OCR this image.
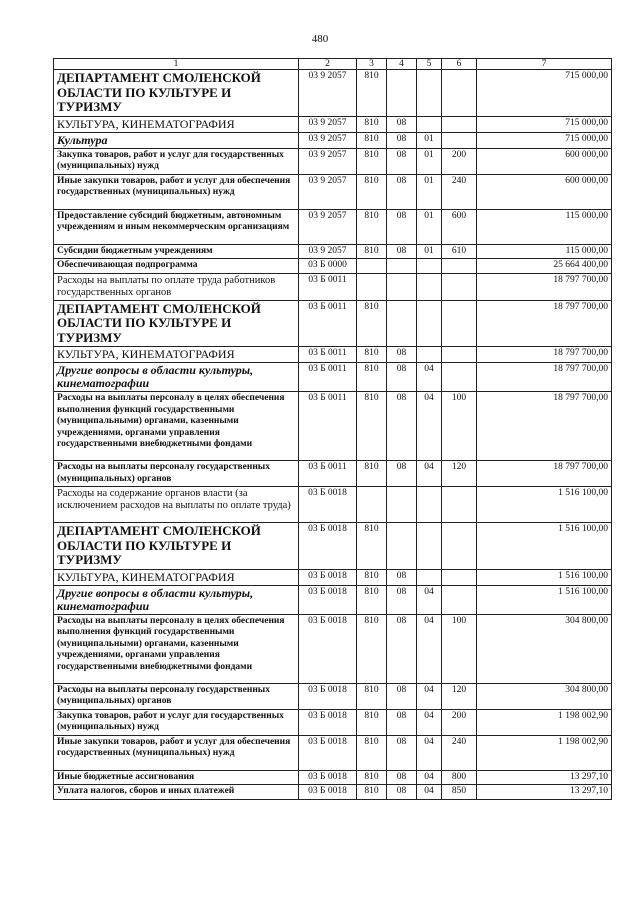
480
1	2	3	4	5	6	7
ДЕПАРТАМЕНТ СМОЛЕНСКОЙ ОБЛАСТИ ПО КУЛЬТУРЕ И ТУРИЗМУ	03 9 2057	810				715 000,00
КУЛЬТУРА, КИНЕМАТОГРАФИЯ	03 9 2057	810	08			715 000,00
Культура	03 9 2057	810	08	01		715 000,00
Закупка товаров, работ и услуг для государственных (муниципальных) нужд	03 9 2057	810	08	01	200	600 000,00
Иные закупки товаров, работ и услуг для обеспечения государственных (муниципальных) нужд	03 9 2057	810	08	01	240	600 000,00
Предоставление субсидий бюджетным, автономным учреждениям и иным некоммерческим организациям	03 9 2057	810	08	01	600	115 000,00
Субсидии бюджетным учреждениям	03 9 2057	810	08	01	610	115 000,00
Обеспечивающая подпрограмма	03 Б 0000					25 664 400,00
Расходы на выплаты по оплате труда работников государственных органов	03 Б 0011					18 797 700,00
ДЕПАРТАМЕНТ СМОЛЕНСКОЙ ОБЛАСТИ ПО КУЛЬТУРЕ И ТУРИЗМУ	03 Б 0011	810				18 797 700,00
КУЛЬТУРА, КИНЕМАТОГРАФИЯ	03 Б 0011	810	08			18 797 700,00
Другие вопросы в области культуры, кинематографии	03 Б 0011	810	08	04		18 797 700,00
Расходы на выплаты персоналу в целях обеспечения выполнения функций государственными (муниципальными) органами, казенными учреждениями, органами управления государственными внебюджетными фондами	03 Б 0011	810	08	04	100	18 797 700,00
Расходы на выплаты персоналу государственных (муниципальных) органов	03 Б 0011	810	08	04	120	18 797 700,00
Расходы на содержание органов власти (за исключением расходов на выплаты по оплате труда)	03 Б 0018					1 516 100,00
ДЕПАРТАМЕНТ СМОЛЕНСКОЙ ОБЛАСТИ ПО КУЛЬТУРЕ И ТУРИЗМУ	03 Б 0018	810				1 516 100,00
КУЛЬТУРА, КИНЕМАТОГРАФИЯ	03 Б 0018	810	08			1 516 100,00
Другие вопросы в области культуры, кинематографии	03 Б 0018	810	08	04		1 516 100,00
Расходы на выплаты персоналу в целях обеспечения выполнения функций государственными (муниципальными) органами, казенными учреждениями, органами управления государственными внебюджетными фондами	03 Б 0018	810	08	04	100	304 800,00
Расходы на выплаты персоналу государственных (муниципальных) органов	03 Б 0018	810	08	04	120	304 800,00
Закупка товаров, работ и услуг для государственных (муниципальных) нужд	03 Б 0018	810	08	04	200	1 198 002,90
Иные закупки товаров, работ и услуг для обеспечения государственных (муниципальных) нужд	03 Б 0018	810	08	04	240	1 198 002,90
Иные бюджетные ассигнования	03 Б 0018	810	08	04	800	13 297,10
Уплата налогов, сборов и иных платежей	03 Б 0018	810	08	04	850	13 297,10
